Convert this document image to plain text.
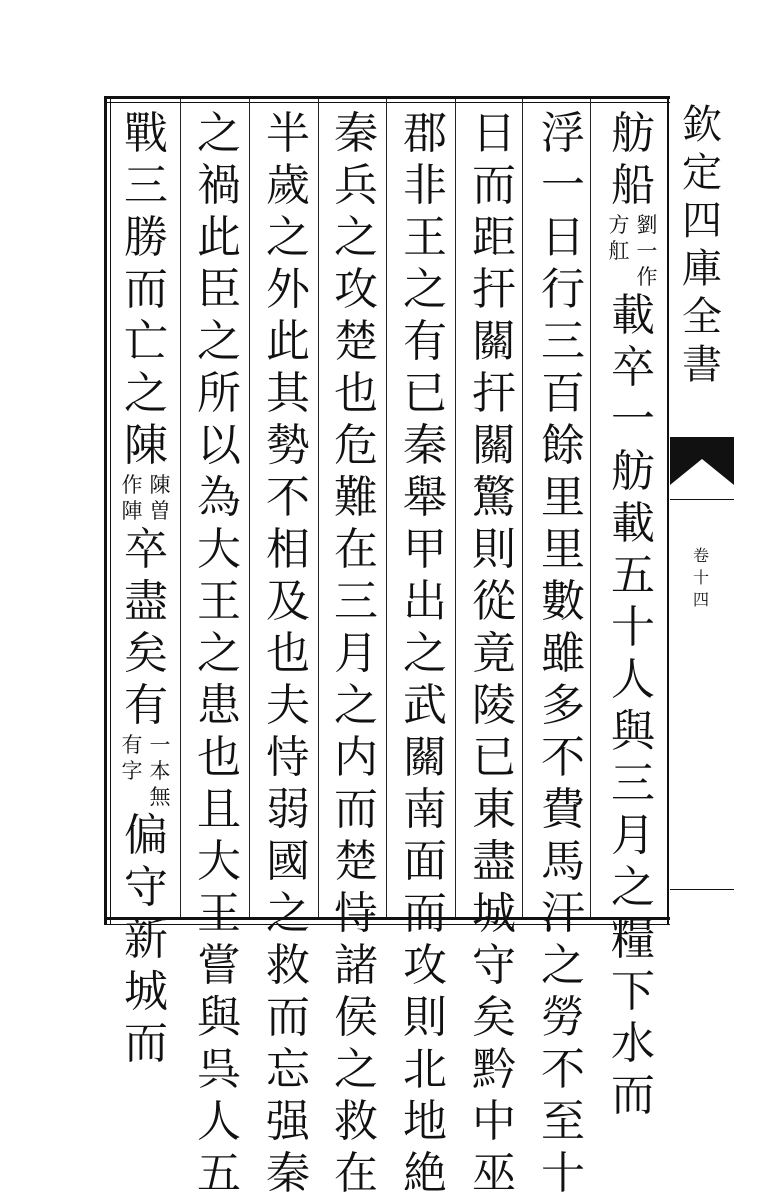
舫
船
劉
一
作
方
舡
載
卒
一
舫
載
五
十
人
與
三
月
之
糧
下
水
而
浮
一
日
行
三
百
餘
里
里
數
雖
多
不
費
馬
汗
之
勞
不
至
十
日
而
距
扞
關
扞
關
驚
則
從
竟
陵
已
東
盡
城
守
矣
黔
中
巫
郡
非
王
之
有
已
秦
舉
甲
出
之
武
關
南
面
而
攻
則
北
地
絶
秦
兵
之
攻
楚
也
危
難
在
三
月
之
内
而
楚
恃
諸
侯
之
救
在
半
歲
之
外
此
其
勢
不
相
及
也
夫
恃
弱
國
之
救
而
忘
强
秦
之
禍
此
臣
之
所
以
為
大
王
之
患
也
且
大
王
嘗
與
呉
人
五
戰
三
勝
而
亡
之
陳
陳
曽
作
陣
卒
盡
矣
有
一
本
無
有
字
偏
守
新
城
而
欽
定
四
庫
全
書
卷
十
四
